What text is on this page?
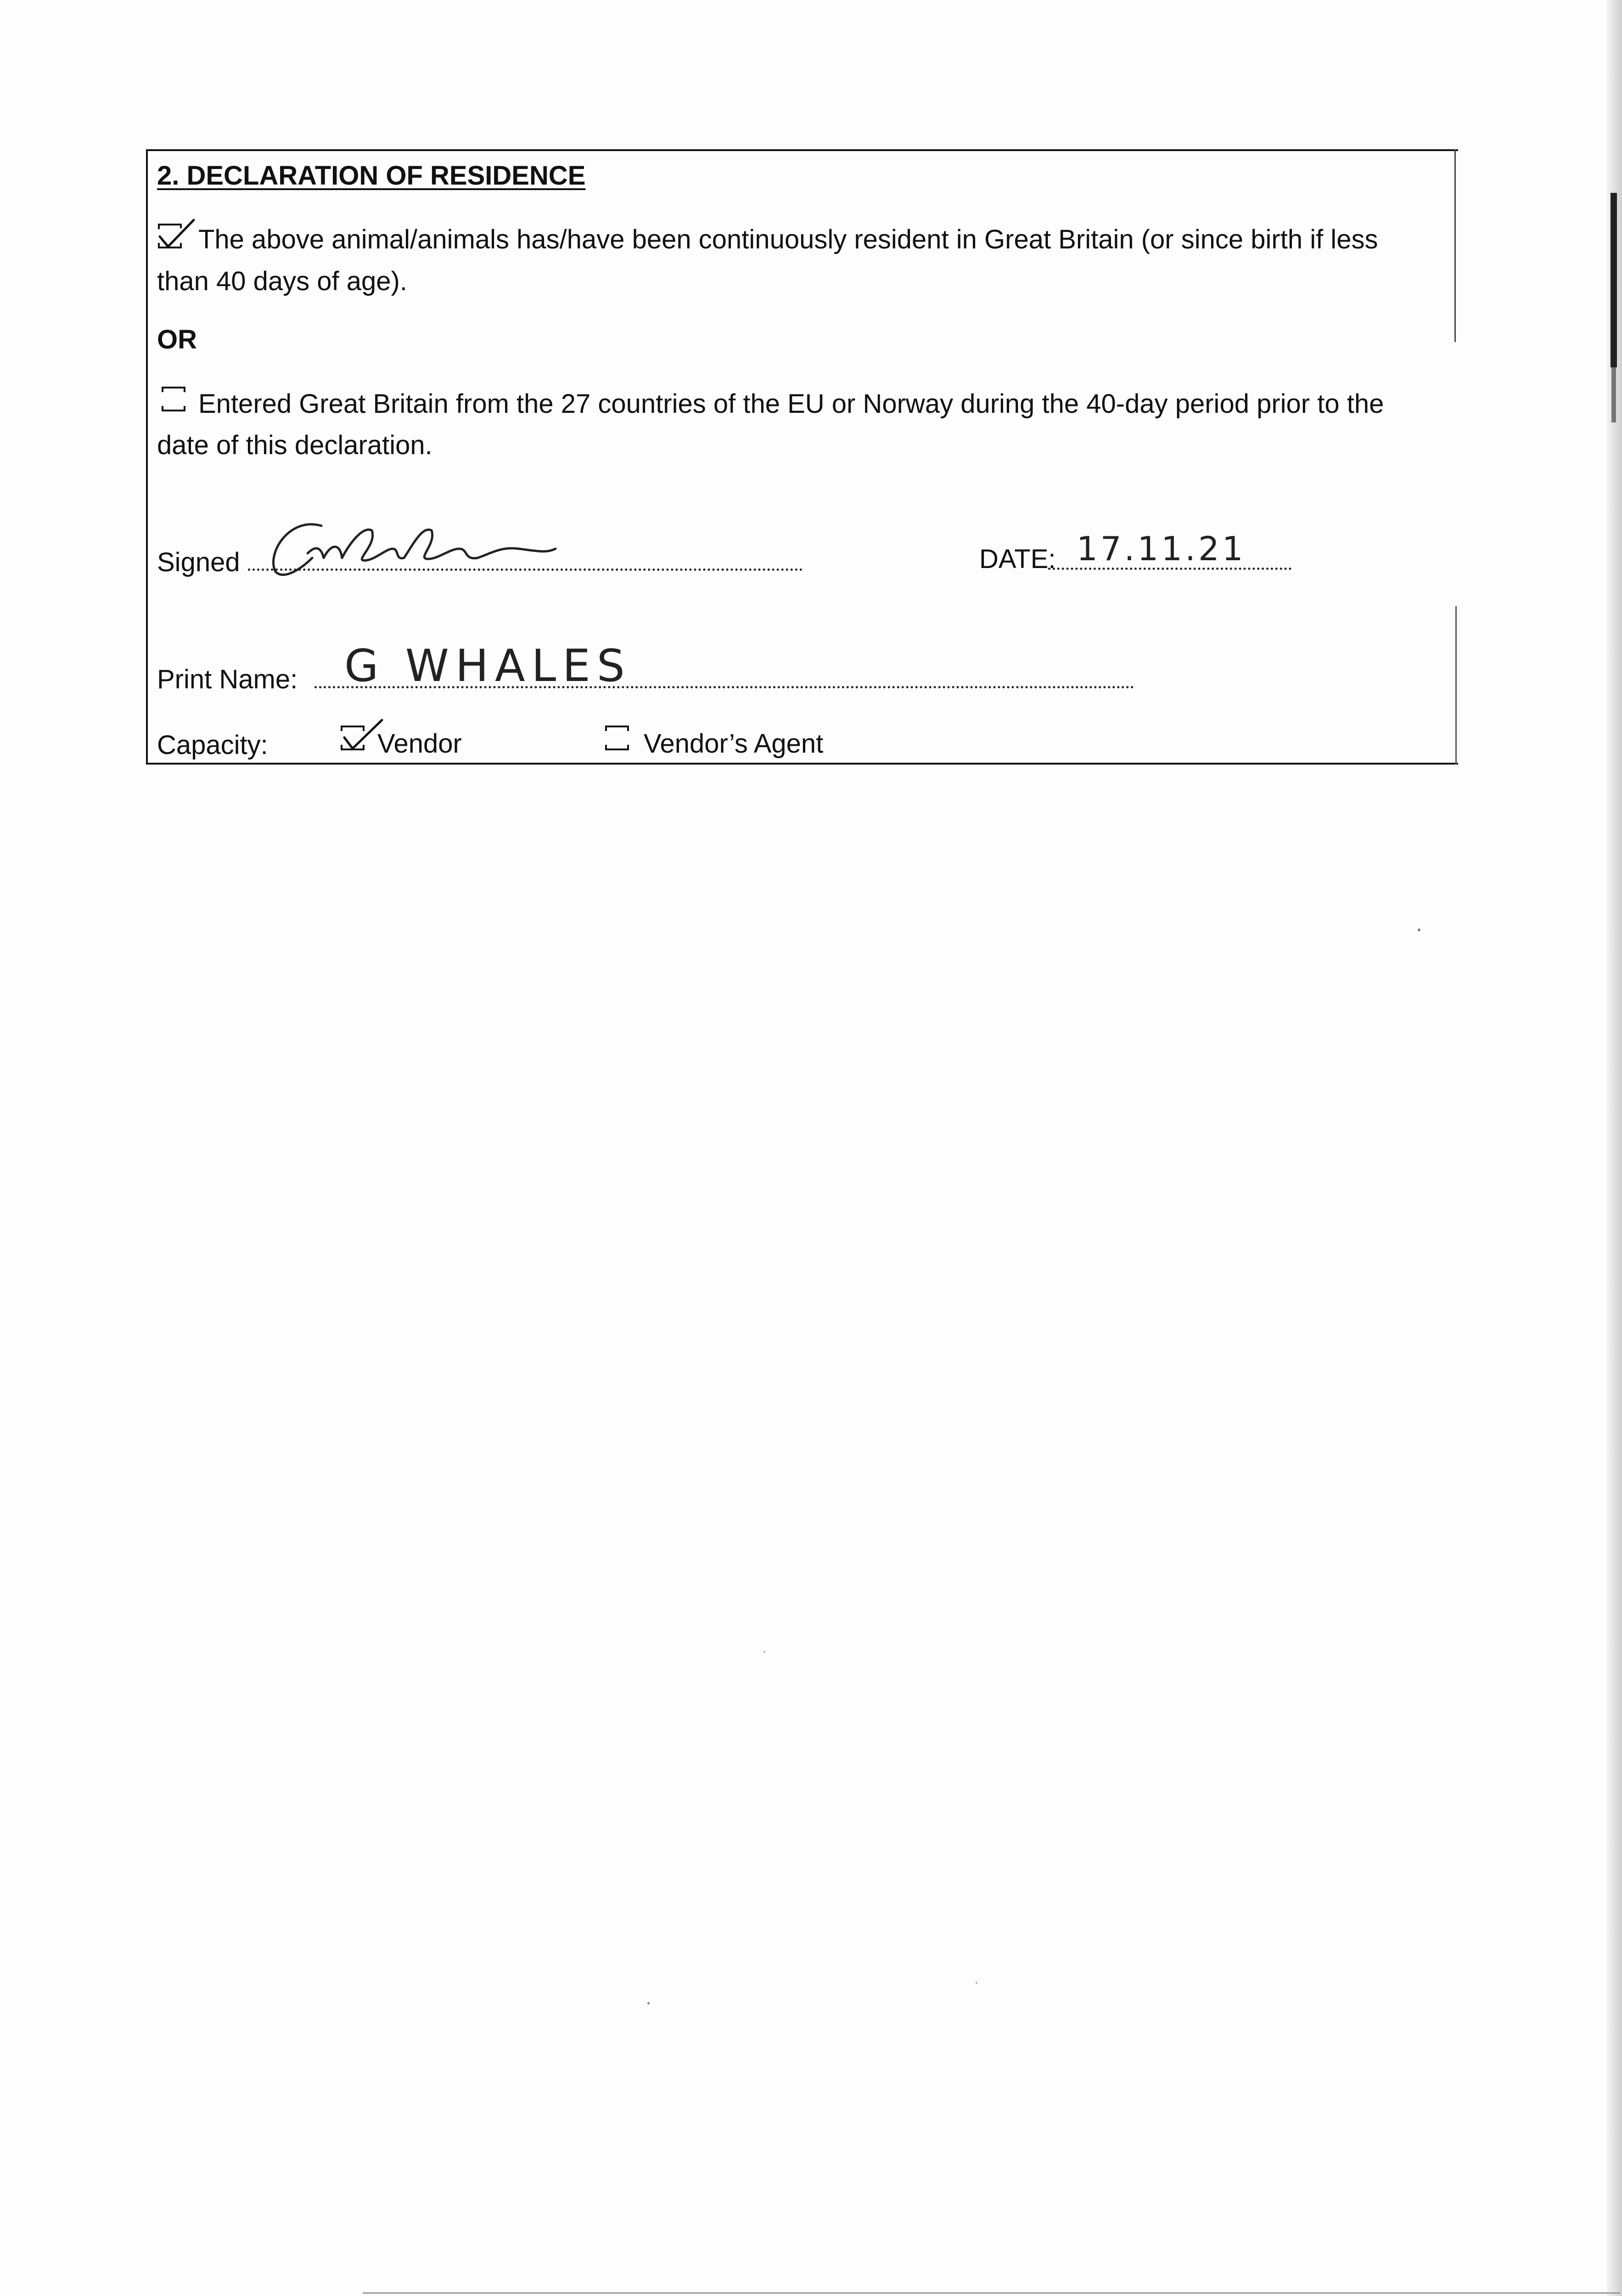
2. DECLARATION OF RESIDENCE
The above animal/animals has/have been continuously resident in Great Britain (or since birth if less
than 40 days of age).
OR
Entered Great Britain from the 27 countries of the EU or Norway during the 40-day period prior to the
date of this declaration.
Signed
GWhales
DATE: 17.11.21
Print Name: G WHALES
Capacity:	Vendor	Vendor’s Agent
